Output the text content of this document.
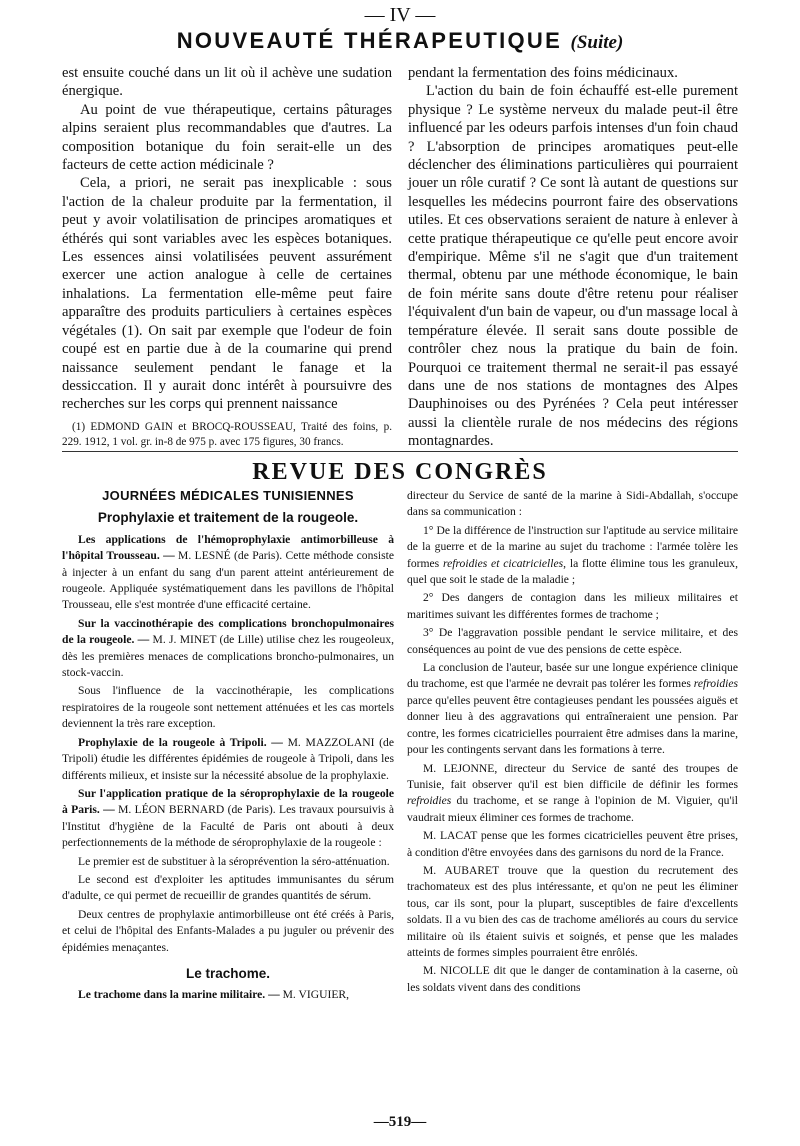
— IV —
NOUVEAUTÉ THÉRAPEUTIQUE (Suite)

est ensuite couché dans un lit où il achève une sudation énergique.

Au point de vue thérapeutique, certains pâturages alpins seraient plus recommandables que d'autres. La composition botanique du foin serait-elle un des facteurs de cette action médicinale ?

Cela, a priori, ne serait pas inexplicable : sous l'action de la chaleur produite par la fermentation, il peut y avoir volatilisation de principes aromatiques et éthérés qui sont variables avec les espèces botaniques. Les essences ainsi volatilisées peuvent assurément exercer une action analogue à celle de certaines inhalations. La fermentation elle-même peut faire apparaître des produits particuliers à certaines espèces végétales (1). On sait par exemple que l'odeur de foin coupé est en partie due à de la coumarine qui prend naissance seulement pendant le fanage et la dessiccation. Il y aurait donc intérêt à poursuivre des recherches sur les corps qui prennent naissance

(1) EDMOND GAIN et BROCQ-ROUSSEAU, Traité des foins, p. 229. 1912, 1 vol. gr. in-8 de 975 p. avec 175 figures, 30 francs.

pendant la fermentation des foins médicinaux.

L'action du bain de foin échauffé est-elle purement physique ? Le système nerveux du malade peut-il être influencé par les odeurs parfois intenses d'un foin chaud ? L'absorption de principes aromatiques peut-elle déclencher des éliminations particulières qui pourraient jouer un rôle curatif ? Ce sont là autant de questions sur lesquelles les médecins pourront faire des observations utiles. Et ces observations seraient de nature à enlever à cette pratique thérapeutique ce qu'elle peut encore avoir d'empirique. Même s'il ne s'agit que d'un traitement thermal, obtenu par une méthode économique, le bain de foin mérite sans doute d'être retenu pour réaliser l'équivalent d'un bain de vapeur, ou d'un massage local à température élevée. Il serait sans doute possible de contrôler chez nous la pratique du bain de foin. Pourquoi ce traitement thermal ne serait-il pas essayé dans une de nos stations de montagnes des Alpes Dauphinoises ou des Pyrénées ? Cela peut intéresser aussi la clientèle rurale de nos médecins des régions montagnardes.

REVUE DES CONGRÈS

JOURNÉES MÉDICALES TUNISIENNES

Prophylaxie et traitement de la rougeole.

Les applications de l'hémoprophylaxie antimorbilleuse à l'hôpital Trousseau. — M. LESNÉ (de Paris). Cette méthode consiste à injecter à un enfant du sang d'un parent atteint antérieurement de rougeole. Appliquée systématiquement dans les pavillons de l'hôpital Trousseau, elle s'est montrée d'une efficacité certaine.

Sur la vaccinothérapie des complications bronchopulmonaires de la rougeole. — M. J. MINET (de Lille) utilise chez les rougeoleux, dès les premières menaces de complications broncho-pulmonaires, un stock-vaccin.

Sous l'influence de la vaccinothérapie, les complications respiratoires de la rougeole sont nettement atténuées et les cas mortels deviennent la très rare exception.

Prophylaxie de la rougeole à Tripoli. — M. MAZZOLANI (de Tripoli) étudie les différentes épidémies de rougeole à Tripoli, dans les différents milieux, et insiste sur la nécessité absolue de la prophylaxie.

Sur l'application pratique de la séroprophylaxie de la rougeole à Paris. — M. LÉON BERNARD (de Paris). Les travaux poursuivis à l'Institut d'hygiène de la Faculté de Paris ont abouti à deux perfectionnements de la méthode de séroprophylaxie de la rougeole :

Le premier est de substituer à la séroprévention la séro-atténuation.

Le second est d'exploiter les aptitudes immunisantes du sérum d'adulte, ce qui permet de recueillir de grandes quantités de sérum.

Deux centres de prophylaxie antimorbilleuse ont été créés à Paris, et celui de l'hôpital des Enfants-Malades a pu juguler ou prévenir des épidémies menaçantes.

Le trachome.

Le trachome dans la marine militaire. — M. VIGUIER,

directeur du Service de santé de la marine à Sidi-Abdallah, s'occupe dans sa communication :

1° De la différence de l'instruction sur l'aptitude au service militaire de la guerre et de la marine au sujet du trachome : l'armée tolère les formes refroidies et cicatricielles, la flotte élimine tous les granuleux, quel que soit le stade de la maladie ;

2° Des dangers de contagion dans les milieux militaires et maritimes suivant les différentes formes de trachome ;

3° De l'aggravation possible pendant le service militaire, et des conséquences au point de vue des pensions de cette espèce.

La conclusion de l'auteur, basée sur une longue expérience clinique du trachome, est que l'armée ne devrait pas tolérer les formes refroidies parce qu'elles peuvent être contagieuses pendant les poussées aiguës et donner lieu à des aggravations qui entraîneraient une pension. Par contre, les formes cicatricielles pourraient être admises dans la marine, pour les contingents servant dans les formations à terre.

M. LEJONNE, directeur du Service de santé des troupes de Tunisie, fait observer qu'il est bien difficile de définir les formes refroidies du trachome, et se range à l'opinion de M. Viguier, qu'il vaudrait mieux éliminer ces formes de trachome.

M. LACAT pense que les formes cicatricielles peuvent être prises, à condition d'être envoyées dans des garnisons du nord de la France.

M. AUBARET trouve que la question du recrutement des trachomateux est des plus intéressante, et qu'on ne peut les éliminer tous, car ils sont, pour la plupart, susceptibles de faire d'excellents soldats. Il a vu bien des cas de trachome améliorés au cours du service militaire où ils étaient suivis et soignés, et pense que les malades atteints de formes simples pourraient être enrôlés.

M. NICOLLE dit que le danger de contamination à la caserne, où les soldats vivent dans des conditions

—519—
